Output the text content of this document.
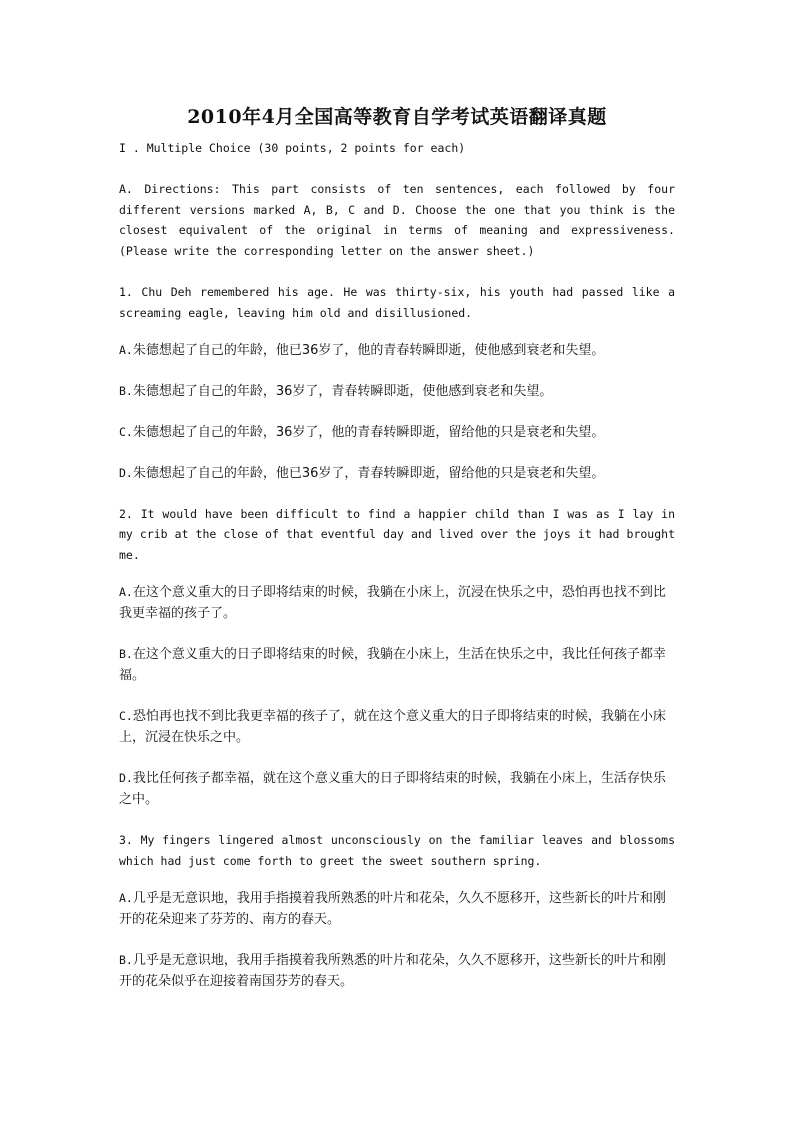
2010年4月全国高等教育自学考试英语翻译真题

I . Multiple Choice (30 points, 2 points for each)

A. Directions: This part consists of ten sentences, each followed by four different versions marked A, B, C and D. Choose the one that you think is the closest equivalent of the original in terms of meaning and expressiveness. (Please write the corresponding letter on the answer sheet.)

1. Chu Deh remembered his age. He was thirty-six, his youth had passed like a screaming eagle, leaving him old and disillusioned.

A.朱德想起了自己的年龄，他已36岁了，他的青春转瞬即逝，使他感到衰老和失望。

B.朱德想起了自己的年龄，36岁了，青春转瞬即逝，使他感到衰老和失望。

C.朱德想起了自己的年龄，36岁了，他的青春转瞬即逝，留给他的只是衰老和失望。

D.朱德想起了自己的年龄，他已36岁了，青春转瞬即逝，留给他的只是衰老和失望。

2. It would have been difficult to find a happier child than I was as I lay in my crib at the close of that eventful day and lived over the joys it had brought me.

A.在这个意义重大的日子即将结束的时候，我躺在小床上，沉浸在快乐之中，恐怕再也找不到比我更幸福的孩子了。

B.在这个意义重大的日子即将结束的时候，我躺在小床上，生活在快乐之中，我比任何孩子都幸福。

C.恐怕再也找不到比我更幸福的孩子了，就在这个意义重大的日子即将结束的时候，我躺在小床上，沉浸在快乐之中。

D.我比任何孩子都幸福，就在这个意义重大的日子即将结束的时候，我躺在小床上，生活存快乐之中。

3. My fingers lingered almost unconsciously on the familiar leaves and blossoms which had just come forth to greet the sweet southern spring.

A.几乎是无意识地，我用手指摸着我所熟悉的叶片和花朵，久久不愿移开，这些新长的叶片和刚开的花朵迎来了芬芳的、南方的春天。

B.几乎是无意识地，我用手指摸着我所熟悉的叶片和花朵，久久不愿移开，这些新长的叶片和刚开的花朵似乎在迎接着南国芬芳的春天。
